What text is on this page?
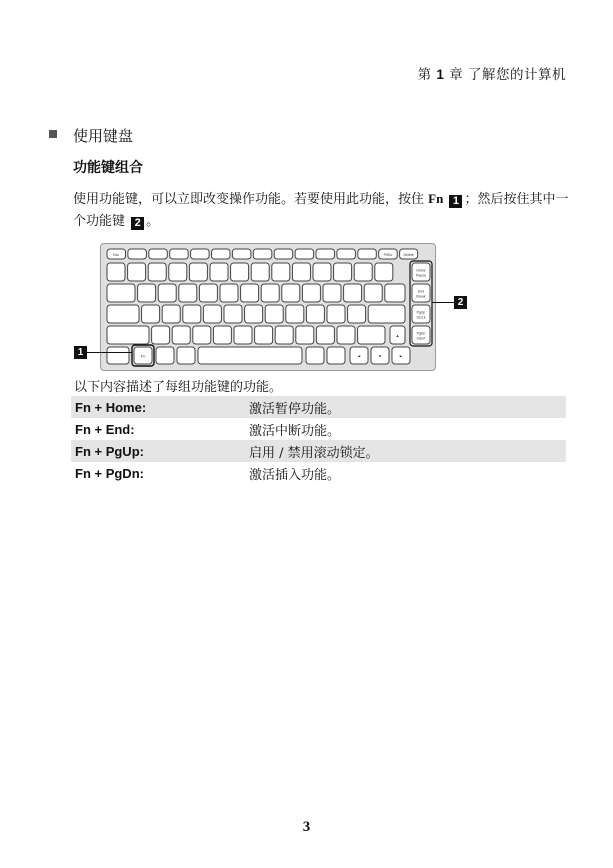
第 1 章 了解您的计算机
使用键盘
功能键组合
使用功能键，可以立即改变操作功能。若要使用此功能，按住 Fn 1 ；然后按住其中一个功能键 2 。
Esc	PrtSc	Delete
Home
Pause
End
Break
PgUp
ScrLk
PgDn
Insert
▲
Fn	◄	▼	►
1
2
以下内容描述了每组功能键的功能。
Fn + Home:	激活暂停功能。
Fn + End:	激活中断功能。
Fn + PgUp:	启用 / 禁用滚动锁定。
Fn + PgDn:	激活插入功能。
3
